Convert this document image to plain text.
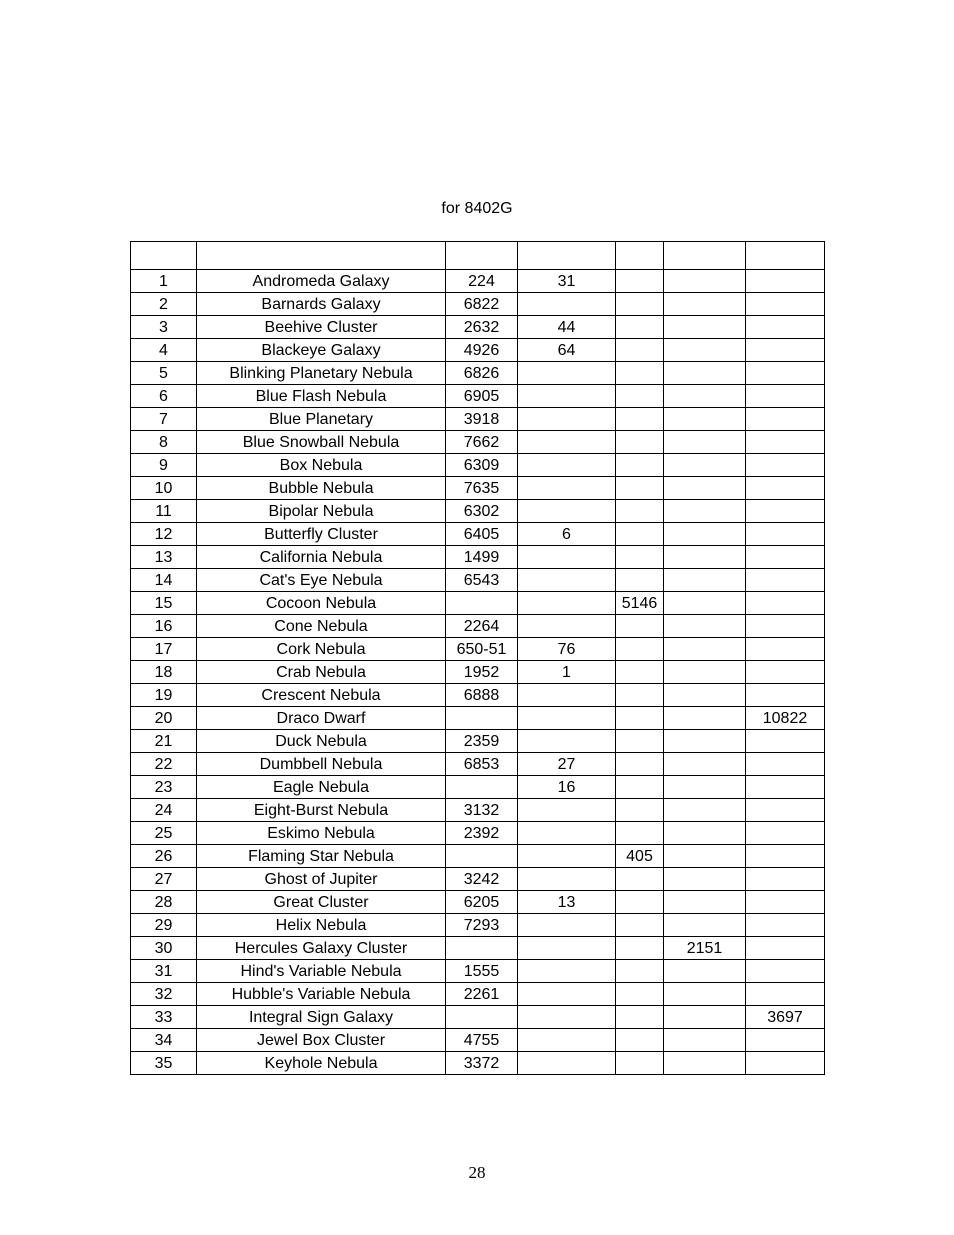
for 8402G

1	Andromeda Galaxy	224	31			
2	Barnards Galaxy	6822				
3	Beehive Cluster	2632	44			
4	Blackeye Galaxy	4926	64			
5	Blinking Planetary Nebula	6826				
6	Blue Flash Nebula	6905				
7	Blue Planetary	3918				
8	Blue Snowball Nebula	7662				
9	Box Nebula	6309				
10	Bubble Nebula	7635				
11	Bipolar Nebula	6302				
12	Butterfly Cluster	6405	6			
13	California Nebula	1499				
14	Cat's Eye Nebula	6543				
15	Cocoon Nebula			5146		
16	Cone Nebula	2264				
17	Cork Nebula	650-51	76			
18	Crab Nebula	1952	1			
19	Crescent Nebula	6888				
20	Draco Dwarf					10822
21	Duck Nebula	2359				
22	Dumbbell Nebula	6853	27			
23	Eagle Nebula		16			
24	Eight-Burst Nebula	3132				
25	Eskimo Nebula	2392				
26	Flaming Star Nebula			405		
27	Ghost of Jupiter	3242				
28	Great Cluster	6205	13			
29	Helix Nebula	7293				
30	Hercules Galaxy Cluster				2151	
31	Hind's Variable Nebula	1555				
32	Hubble's Variable Nebula	2261				
33	Integral Sign Galaxy					3697
34	Jewel Box Cluster	4755				
35	Keyhole Nebula	3372				
28
